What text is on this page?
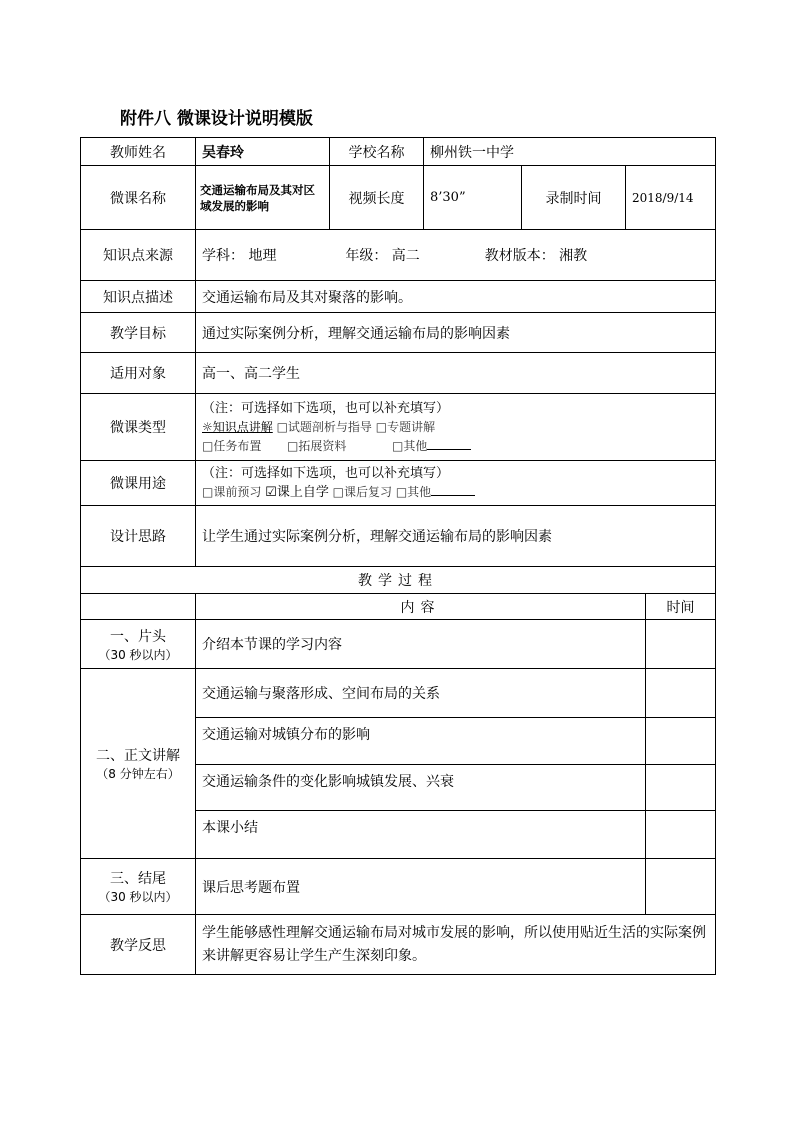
附件八 微课设计说明模版
教师姓名	吴春玲	学校名称	柳州铁一中学			
微课名称	交通运输布局及其对区域发展的影响	视频长度	8’30”	录制时间	2018/9/14	
知识点来源	学科： 地理 年级： 高二 教材版本： 湘教					
知识点描述	交通运输布局及其对聚落的影响。					
教学目标	通过实际案例分析，理解交通运输布局的影响因素					
适用对象	高一、高二学生					
微课类型	（注：可选择如下选项，也可以补充填写）
☼知识点讲解 □试题剖析与指导 □专题讲解
□任务布置 □拓展资料 □其他					

微课用途	（注：可选择如下选项，也可以补充填写）
□课前预习 ☑课上自学 □课后复习 □其他					

设计思路	让学生通过实际案例分析，理解交通运输布局的影响因素					
教学过程						
	内容					时间

一、片头
（30 秒以内）	介绍本节课的学习内容					

二、正文讲解
（8 分钟左右）	交通运输与聚落形成、空间布局的关系					
	交通运输对城镇分布的影响					
	交通运输条件的变化影响城镇发展、兴衰					
	本课小结					

三、结尾
（30 秒以内）	课后思考题布置					
教学反思	学生能够感性理解交通运输布局对城市发展的影响，所以使用贴近生活的实际案例来讲解更容易让学生产生深刻印象。					
